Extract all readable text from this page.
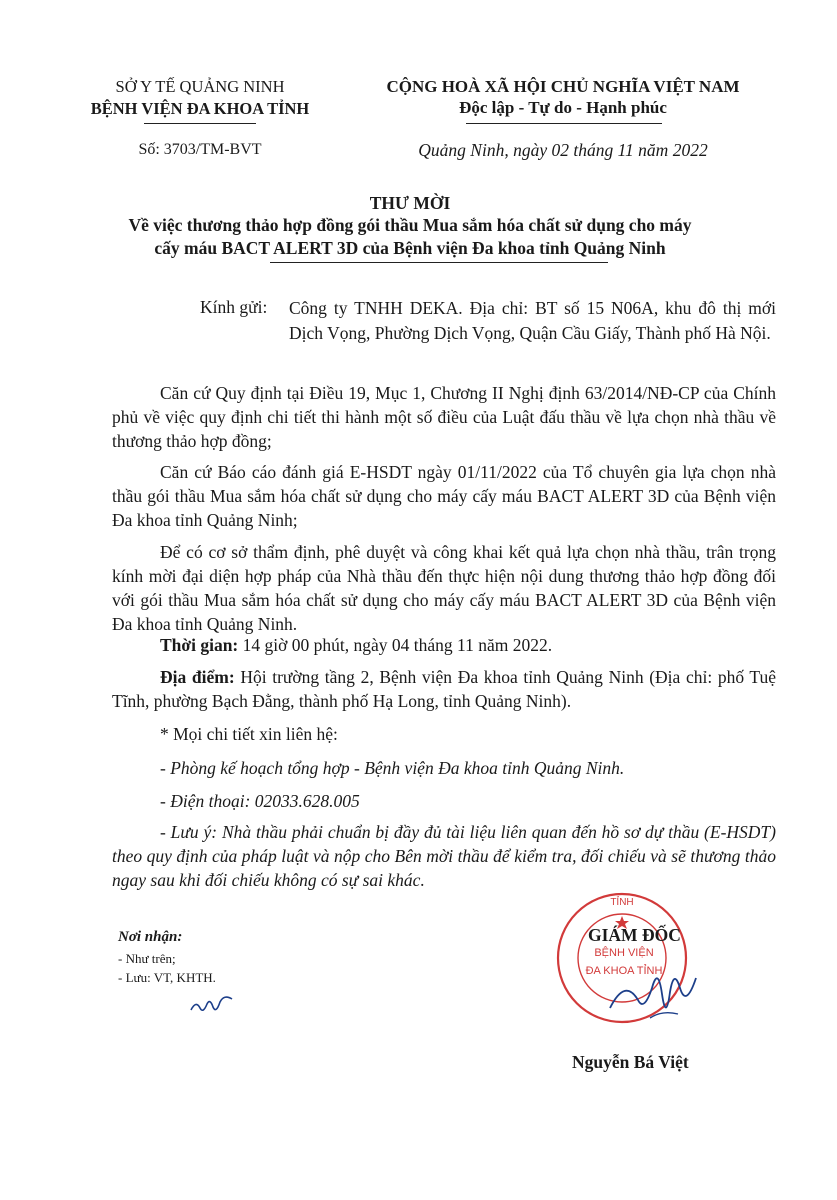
SỞ Y TẾ QUẢNG NINH
BỆNH VIỆN ĐA KHOA TỈNH
Số: 3703/TM-BVT
CỘNG HOÀ XÃ HỘI CHỦ NGHĨA VIỆT NAM
Độc lập - Tự do - Hạnh phúc
Quảng Ninh, ngày 02 tháng 11 năm 2022
THƯ MỜI
Về việc thương thảo hợp đồng gói thầu Mua sắm hóa chất sử dụng cho máy
cấy máu BACT ALERT 3D của Bệnh viện Đa khoa tỉnh Quảng Ninh
Kính gửi: Công ty TNHH DEKA. Địa chỉ: BT số 15 N06A, khu đô thị mới Dịch Vọng, Phường Dịch Vọng, Quận Cầu Giấy, Thành phố Hà Nội.
Căn cứ Quy định tại Điều 19, Mục 1, Chương II Nghị định 63/2014/NĐ-CP của Chính phủ về việc quy định chi tiết thi hành một số điều của Luật đấu thầu về lựa chọn nhà thầu về thương thảo hợp đồng;
Căn cứ Báo cáo đánh giá E-HSDT ngày 01/11/2022 của Tổ chuyên gia lựa chọn nhà thầu gói thầu Mua sắm hóa chất sử dụng cho máy cấy máu BACT ALERT 3D của Bệnh viện Đa khoa tỉnh Quảng Ninh;
Để có cơ sở thẩm định, phê duyệt và công khai kết quả lựa chọn nhà thầu, trân trọng kính mời đại diện hợp pháp của Nhà thầu đến thực hiện nội dung thương thảo hợp đồng đối với gói thầu Mua sắm hóa chất sử dụng cho máy cấy máu BACT ALERT 3D của Bệnh viện Đa khoa tỉnh Quảng Ninh.
Thời gian: 14 giờ 00 phút, ngày 04 tháng 11 năm 2022.
Địa điểm: Hội trường tầng 2, Bệnh viện Đa khoa tỉnh Quảng Ninh (Địa chỉ: phố Tuệ Tĩnh, phường Bạch Đằng, thành phố Hạ Long, tỉnh Quảng Ninh).
* Mọi chi tiết xin liên hệ:
- Phòng kế hoạch tổng hợp - Bệnh viện Đa khoa tỉnh Quảng Ninh.
- Điện thoại: 02033.628.005
- Lưu ý: Nhà thầu phải chuẩn bị đầy đủ tài liệu liên quan đến hồ sơ dự thầu (E-HSDT) theo quy định của pháp luật và nộp cho Bên mời thầu để kiểm tra, đối chiếu và sẽ thương thảo ngay sau khi đối chiếu không có sự sai khác.
Nơi nhận:
- Như trên;
- Lưu: VT, KHTH.
TỈNH
BỆNH VIỆN
ĐA KHOA TỈNH
GIÁM ĐỐC
Nguyễn Bá Việt
